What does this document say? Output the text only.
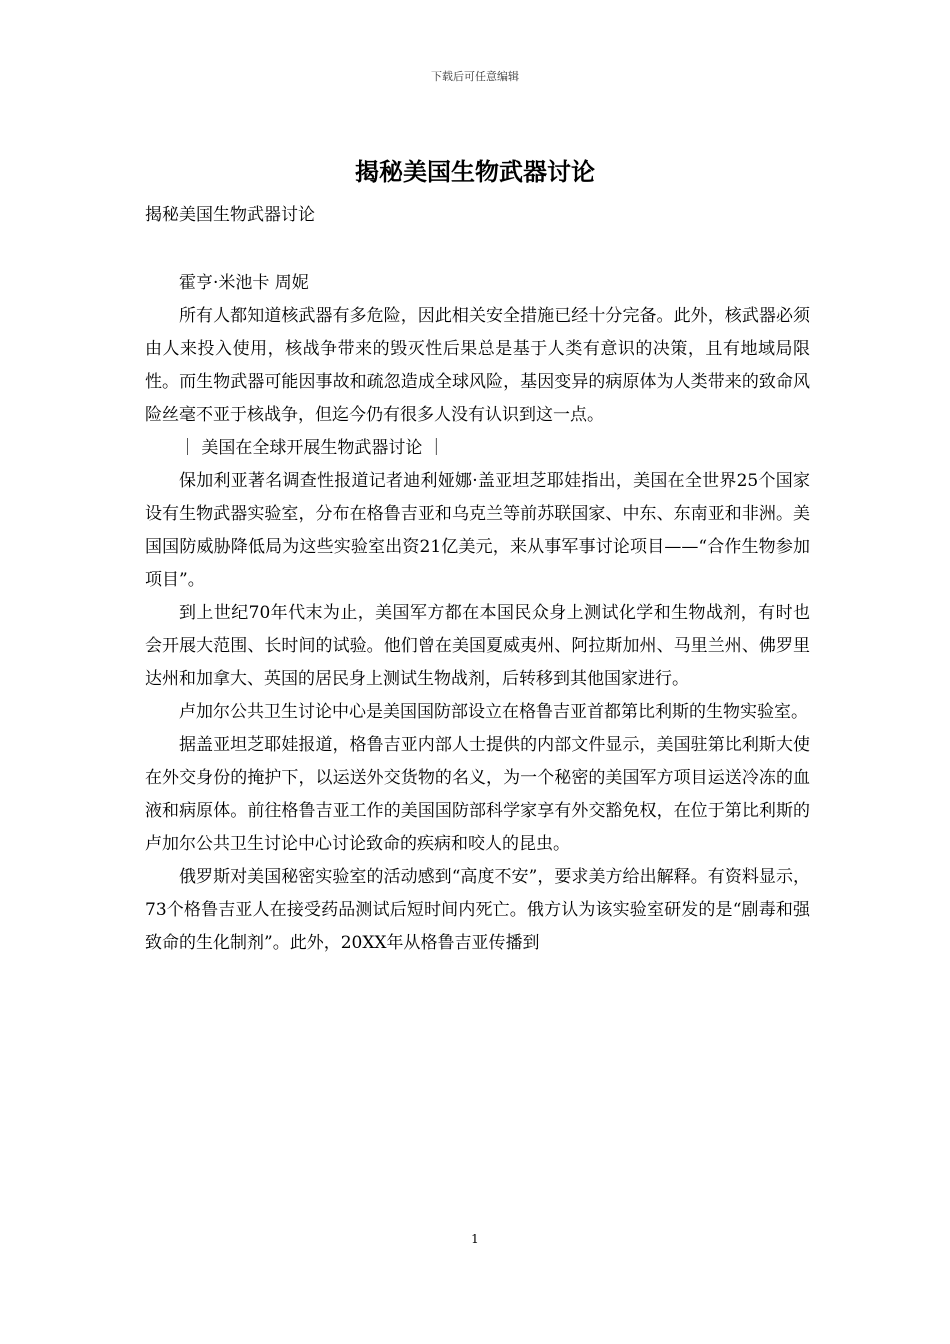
下载后可任意编辑
揭秘美国生物武器讨论
揭秘美国生物武器讨论

霍亨·米池卡 周妮

所有人都知道核武器有多危险，因此相关安全措施已经十分完备。此外，核武器必须由人来投入使用，核战争带来的毁灭性后果总是基于人类有意识的决策，且有地域局限性。而生物武器可能因事故和疏忽造成全球风险，基因变异的病原体为人类带来的致命风险丝毫不亚于核战争，但迄今仍有很多人没有认识到这一点。

｜ 美国在全球开展生物武器讨论 ｜

保加利亚著名调查性报道记者迪利娅娜·盖亚坦芝耶娃指出，美国在全世界25个国家设有生物武器实验室，分布在格鲁吉亚和乌克兰等前苏联国家、中东、东南亚和非洲。美国国防威胁降低局为这些实验室出资21亿美元，来从事军事讨论项目——“合作生物参加项目”。

到上世纪70年代末为止，美国军方都在本国民众身上测试化学和生物战剂，有时也会开展大范围、长时间的试验。他们曾在美国夏威夷州、阿拉斯加州、马里兰州、佛罗里达州和加拿大、英国的居民身上测试生物战剂，后转移到其他国家进行。

卢加尔公共卫生讨论中心是美国国防部设立在格鲁吉亚首都第比利斯的生物实验室。

据盖亚坦芝耶娃报道，格鲁吉亚内部人士提供的内部文件显示，美国驻第比利斯大使在外交身份的掩护下，以运送外交货物的名义，为一个秘密的美国军方项目运送冷冻的血液和病原体。前往格鲁吉亚工作的美国国防部科学家享有外交豁免权，在位于第比利斯的卢加尔公共卫生讨论中心讨论致命的疾病和咬人的昆虫。

俄罗斯对美国秘密实验室的活动感到“高度不安”，要求美方给出解释。有资料显示，73个格鲁吉亚人在接受药品测试后短时间内死亡。俄方认为该实验室研发的是“剧毒和强致命的生化制剂”。此外，20XX年从格鲁吉亚传播到

1
